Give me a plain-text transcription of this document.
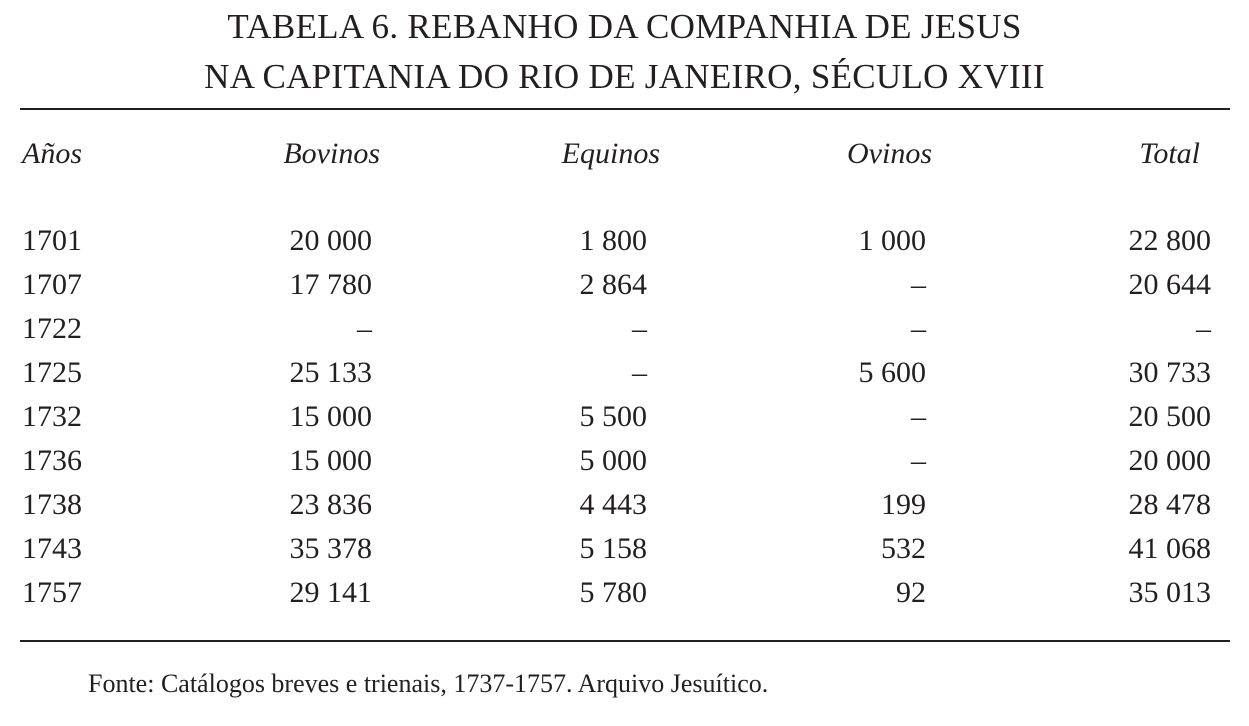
TABELA 6. REBANHO DA COMPANHIA DE JESUS
NA CAPITANIA DO RIO DE JANEIRO, SÉCULO XVIII
Años	Bovinos	Equinos	Ovinos	Total
1701	20 000	1 800	1 000	22 800
1707	17 780	2 864	–	20 644
1722	–	–	–	–
1725	25 133	–	5 600	30 733
1732	15 000	5 500	–	20 500
1736	15 000	5 000	–	20 000
1738	23 836	4 443	199	28 478
1743	35 378	5 158	532	41 068
1757	29 141	5 780	92	35 013
Fonte: Catálogos breves e trienais, 1737-1757. Arquivo Jesuítico.
